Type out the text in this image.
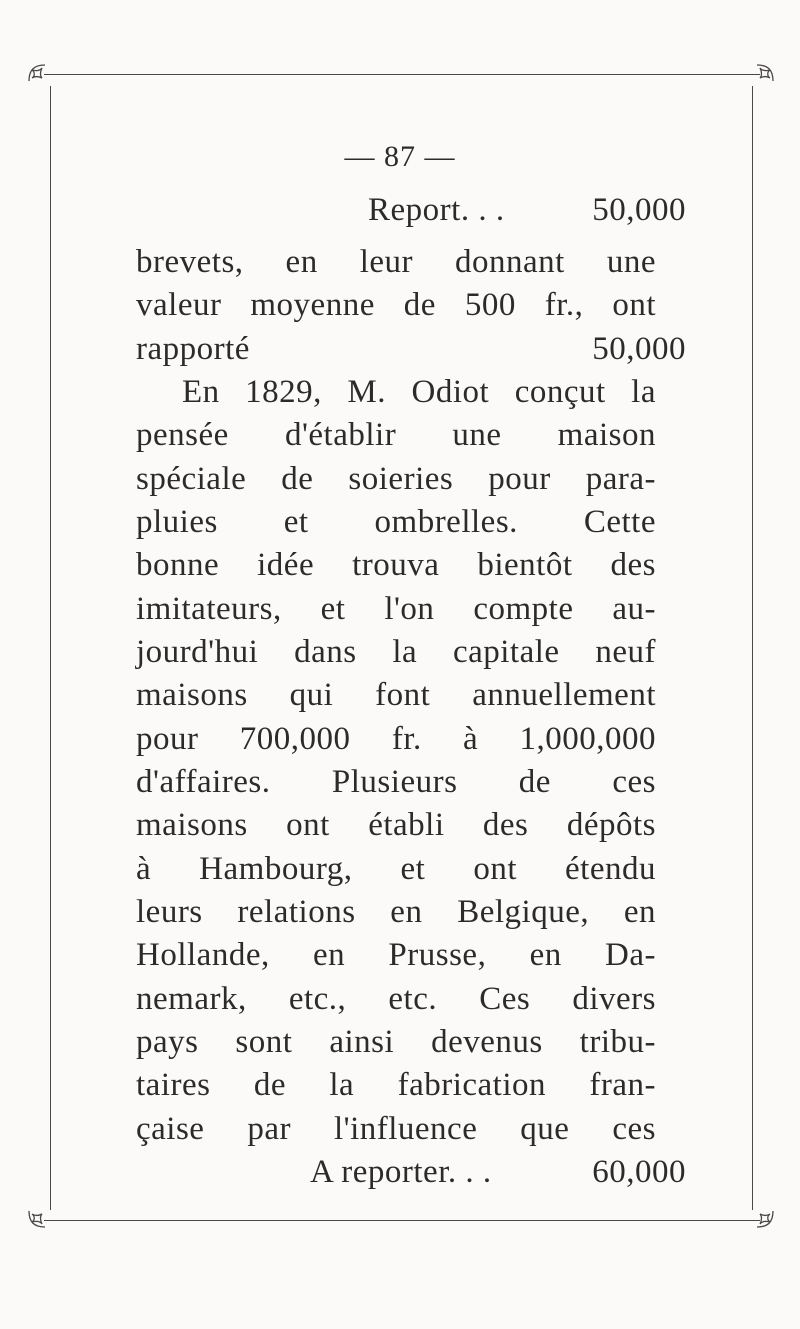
— 87 —
Report. . .	50,000
brevets, en leur donnant une
valeur moyenne de 500 fr., ont
rapporté	50,000
En 1829, M. Odiot conçut la
pensée d'établir une maison
spéciale de soieries pour para-
pluies et ombrelles. Cette
bonne idée trouva bientôt des
imitateurs, et l'on compte au-
jourd'hui dans la capitale neuf
maisons qui font annuellement
pour 700,000 fr. à 1,000,000
d'affaires. Plusieurs de ces
maisons ont établi des dépôts
à Hambourg, et ont étendu
leurs relations en Belgique, en
Hollande, en Prusse, en Da-
nemark, etc., etc. Ces divers
pays sont ainsi devenus tribu-
taires de la fabrication fran-
çaise par l'influence que ces
A reporter. . .	60,000
